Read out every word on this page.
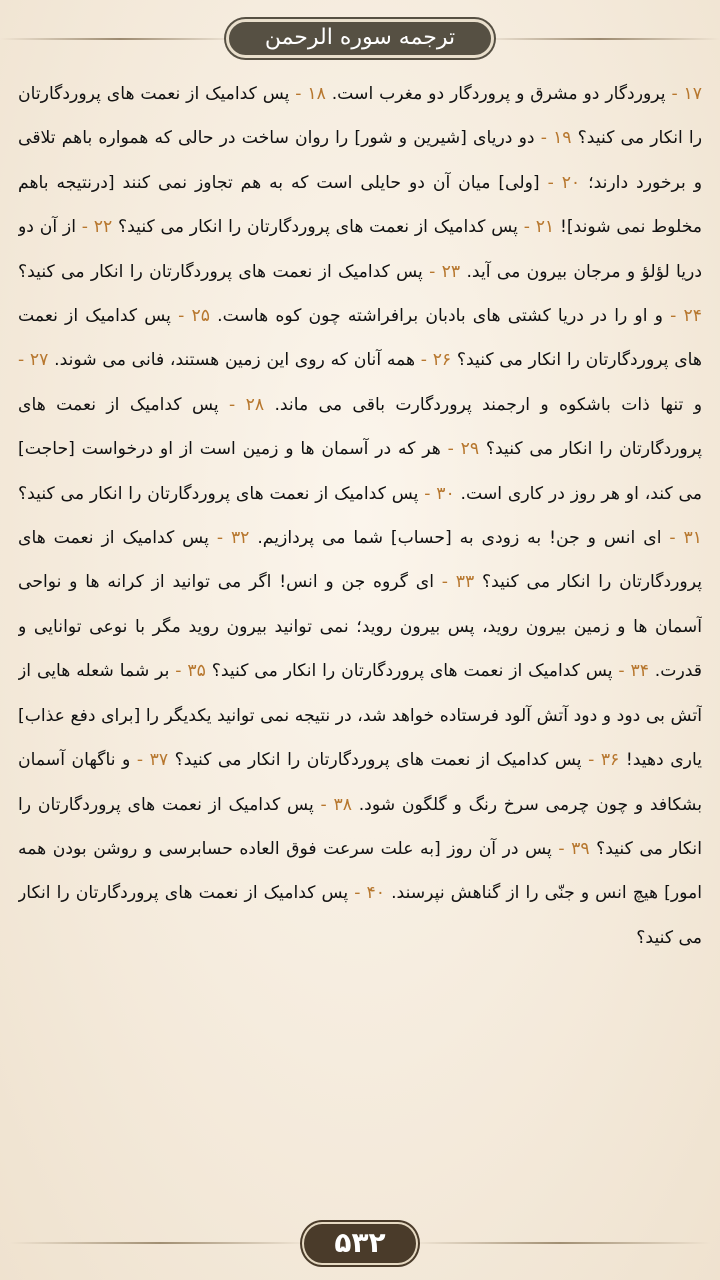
ترجمه سوره الرحمن
۱۷ - پروردگار دو مشرق و پروردگار دو مغرب است. ۱۸ - پس کدامیک از نعمت های پروردگارتان را انکار می کنید؟ ۱۹ - دو دریای [شیرین و شور] را روان ساخت در حالی که همواره باهم تلاقی و برخورد دارند؛ ۲۰ - [ولی] میان آن دو حایلی است که به هم تجاوز نمی کنند [درنتیجه باهم مخلوط نمی شوند]! ۲۱ - پس کدامیک از نعمت های پروردگارتان را انکار می کنید؟ ۲۲ - از آن دو دریا لؤلؤ و مرجان بیرون می آید. ۲۳ - پس کدامیک از نعمت های پروردگارتان را انکار می کنید؟ ۲۴ - و او را در دریا کشتی های بادبان برافراشته چون کوه هاست. ۲۵ - پس کدامیک از نعمت های پروردگارتان را انکار می کنید؟ ۲۶ - همه آنان که روی این زمین هستند، فانی می شوند. ۲۷ - و تنها ذات باشکوه و ارجمند پروردگارت باقی می ماند. ۲۸ - پس کدامیک از نعمت های پروردگارتان را انکار می کنید؟ ۲۹ - هر که در آسمان ها و زمین است از او درخواست [حاجت] می کند، او هر روز در کاری است. ۳۰ - پس کدامیک از نعمت های پروردگارتان را انکار می کنید؟ ۳۱ - ای انس و جن! به زودی به [حساب] شما می پردازیم. ۳۲ - پس کدامیک از نعمت های پروردگارتان را انکار می کنید؟ ۳۳ - ای گروه جن و انس! اگر می توانید از کرانه ها و نواحی آسمان ها و زمین بیرون روید، پس بیرون روید؛ نمی توانید بیرون روید مگر با نوعی توانایی و قدرت. ۳۴ - پس کدامیک از نعمت های پروردگارتان را انکار می کنید؟ ۳۵ - بر شما شعله هایی از آتش بی دود و دود آتش آلود فرستاده خواهد شد، در نتیجه نمی توانید یکدیگر را [برای دفع عذاب] یاری دهید! ۳۶ - پس کدامیک از نعمت های پروردگارتان را انکار می کنید؟ ۳۷ - و ناگهان آسمان بشکافد و چون چرمی سرخ رنگ و گلگون شود. ۳۸ - پس کدامیک از نعمت های پروردگارتان را انکار می کنید؟ ۳۹ - پس در آن روز [به علت سرعت فوق العاده حسابرسی و روشن بودن همه امور] هیچ انس و جنّی را از گناهش نپرسند. ۴۰ - پس کدامیک از نعمت های پروردگارتان را انکار می کنید؟
۵۳۲
